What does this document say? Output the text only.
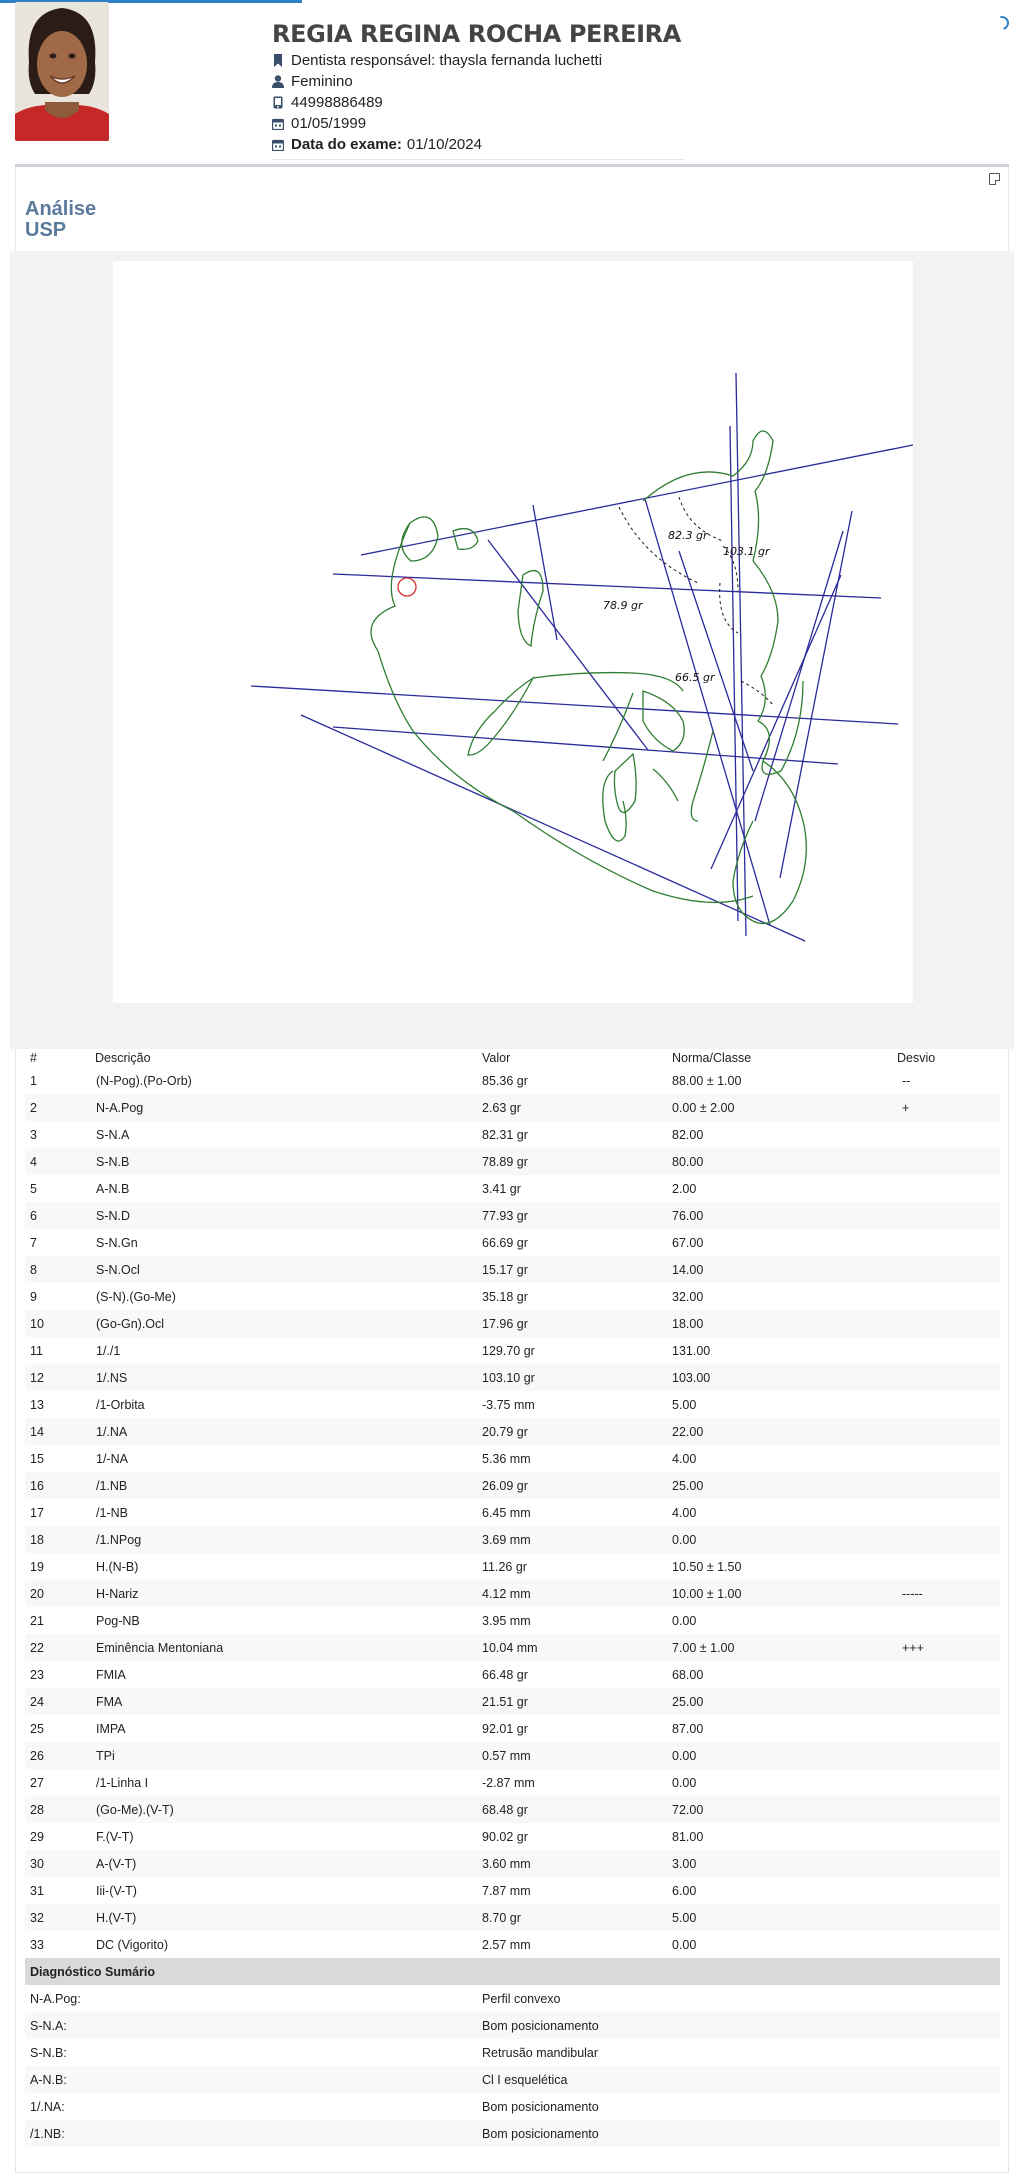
REGIA REGINA ROCHA PEREIRA
Dentista responsável:
thaysla fernanda luchetti
Feminino
44998886489
01/05/1999
Data do exame: 01/10/2024
Análise
USP
82.3 gr
103.1 gr
78.9 gr
66.5 gr
#	Descrição	Valor	Norma/Classe	Desvio
1	(N-Pog).(Po-Orb)	85.36 gr	88.00 ± 1.00	--
2	N-A.Pog	2.63 gr	0.00 ± 2.00	+
3	S-N.A	82.31 gr	82.00	
4	S-N.B	78.89 gr	80.00	
5	A-N.B	3.41 gr	2.00	
6	S-N.D	77.93 gr	76.00	
7	S-N.Gn	66.69 gr	67.00	
8	S-N.Ocl	15.17 gr	14.00	
9	(S-N).(Go-Me)	35.18 gr	32.00	
10	(Go-Gn).Ocl	17.96 gr	18.00	
11	1/./1	129.70 gr	131.00	
12	1/.NS	103.10 gr	103.00	
13	/1-Orbita	-3.75 mm	5.00	
14	1/.NA	20.79 gr	22.00	
15	1/-NA	5.36 mm	4.00	
16	/1.NB	26.09 gr	25.00	
17	/1-NB	6.45 mm	4.00	
18	/1.NPog	3.69 mm	0.00	
19	H.(N-B)	11.26 gr	10.50 ± 1.50	
20	H-Nariz	4.12 mm	10.00 ± 1.00	-----
21	Pog-NB	3.95 mm	0.00	
22	Eminência Mentoniana	10.04 mm	7.00 ± 1.00	+++
23	FMIA	66.48 gr	68.00	
24	FMA	21.51 gr	25.00	
25	IMPA	92.01 gr	87.00	
26	TPi	0.57 mm	0.00	
27	/1-Linha I	-2.87 mm	0.00	
28	(Go-Me).(V-T)	68.48 gr	72.00	
29	F.(V-T)	90.02 gr	81.00	
30	A-(V-T)	3.60 mm	3.00	
31	Iii-(V-T)	7.87 mm	6.00	
32	H.(V-T)	8.70 gr	5.00	
33	DC (Vigorito)	2.57 mm	0.00	
Diagnóstico Sumário	
N-A.Pog:	Perfil convexo
S-N.A:	Bom posicionamento
S-N.B:	Retrusão mandibular
A-N.B:	Cl I esquelética
1/.NA:	Bom posicionamento
/1.NB:	Bom posicionamento
